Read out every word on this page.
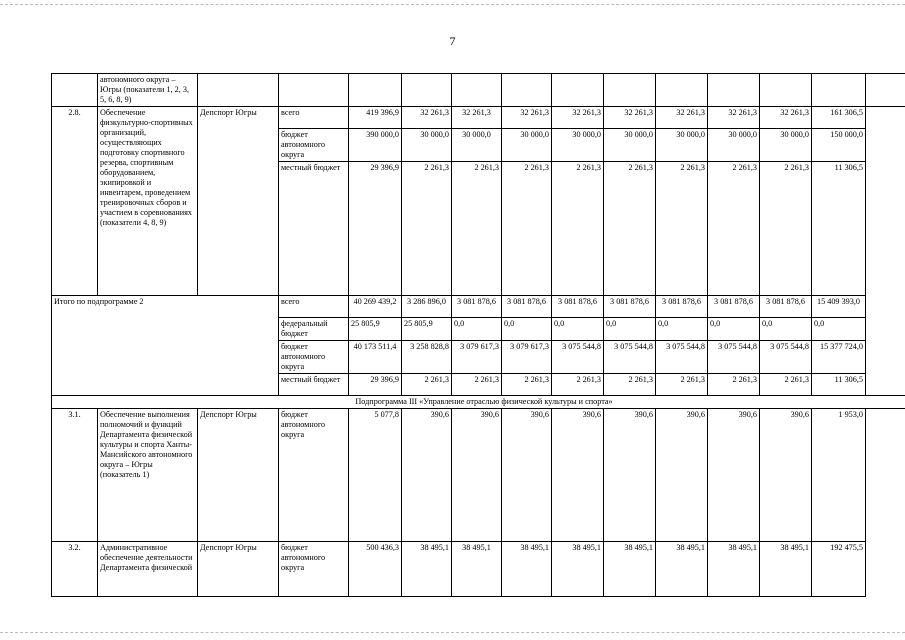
7
	автономного округа – Югры (показатели 1, 2, 3, 5, 6, 8, 9)													
2.8.	Обеспечение физкультурно-спортивных организаций, осуществляющих подготовку спортивного резерва, спортивным оборудованием, экипировкой и инвентарем, проведением тренировочных сборов и участием в соревнованиях (показатели 4, 8, 9)	Депспорт Югры	всего	419 396,9	32 261,3	32 261,3	32 261,3	32 261,3	32 261,3	32 261,3	32 261,3	32 261,3	161 306,5	
			бюджет автономного округа	390 000,0	30 000,0	30 000,0	30 000,0	30 000,0	30 000,0	30 000,0	30 000,0	30 000,0	150 000,0	
			местный бюджет	29 396,9	2 261,3	2 261,3	2 261,3	2 261,3	2 261,3	2 261,3	2 261,3	2 261,3	11 306,5	
Итого по подпрограмме 2			всего	40 269 439,2	3 286 896,0	3 081 878,6	3 081 878,6	3 081 878,6	3 081 878,6	3 081 878,6	3 081 878,6	3 081 878,6	15 409 393,0	
			федеральный бюджет	25 805,9	25 805,9	0,0	0,0	0,0	0,0	0,0	0,0	0,0	0,0	
			бюджет автономного округа	40 173 511,4	3 258 828,8	3 079 617,3	3 079 617,3	3 075 544,8	3 075 544,8	3 075 544,8	3 075 544,8	3 075 544,8	15 377 724,0	
			местный бюджет	29 396,9	2 261,3	2 261,3	2 261,3	2 261,3	2 261,3	2 261,3	2 261,3	2 261,3	11 306,5	
Подпрограмма III «Управление отраслью физической культуры и спорта»														
3.1.	Обеспечение выполнения полномочий и функций Департамента физической культуры и спорта Ханты-Мансийского автономного округа – Югры (показатель 1)	Депспорт Югры	бюджет автономного округа	5 077,8	390,6	390,6	390,6	390,6	390,6	390,6	390,6	390,6	1 953,0	
3.2.	Административное обеспечение деятельности Департамента физической	Депспорт Югры	бюджет автономного округа	500 436,3	38 495,1	38 495,1	38 495,1	38 495,1	38 495,1	38 495,1	38 495,1	38 495,1	192 475,5	
